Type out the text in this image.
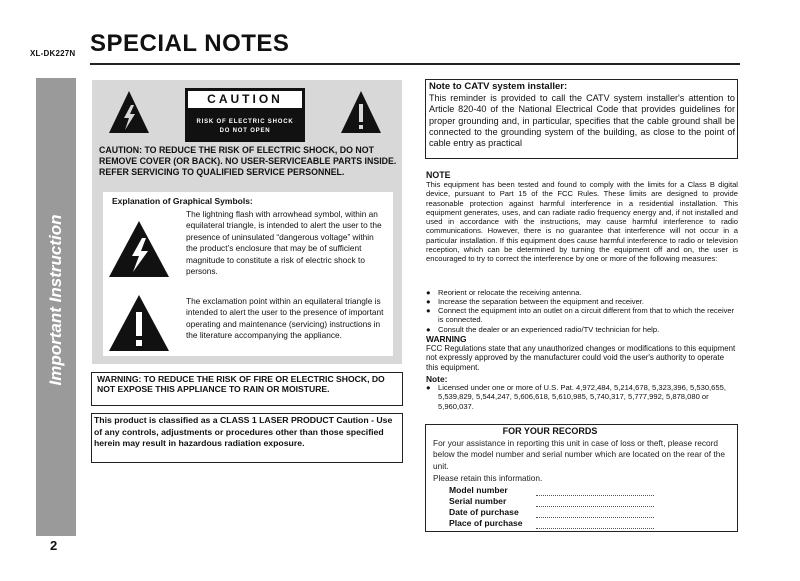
XL-DK227N SPECIAL NOTES
Important Instruction
2
CAUTION
RISK OF ELECTRIC SHOCK
DO NOT OPEN
CAUTION: TO REDUCE THE RISK OF ELECTRIC SHOCK, DO NOT REMOVE COVER (OR BACK). NO USER-SERVICEABLE PARTS INSIDE. REFER SERVICING TO QUALIFIED SERVICE PERSONNEL.
Explanation of Graphical Symbols:
The lightning flash with arrowhead symbol, within an equilateral triangle, is intended to alert the user to the presence of uninsulated “dangerous voltage” within the product’s enclosure that may be of sufficient magnitude to constitute a risk of electric shock to persons.
The exclamation point within an equilateral triangle is intended to alert the user to the presence of important operating and maintenance (servicing) instructions in the literature accompanying the appliance.
WARNING: TO REDUCE THE RISK OF FIRE OR ELECTRIC SHOCK, DO NOT EXPOSE THIS APPLIANCE TO RAIN OR MOISTURE.
This product is classified as a CLASS 1 LASER PRODUCT Caution - Use of any controls, adjustments or procedures other than those specified herein may result in hazardous radiation exposure.
Note to CATV system installer:
This reminder is provided to call the CATV system installer's attention to Article 820-40 of the National Electrical Code that provides guidelines for proper grounding and, in particular, specifies that the cable ground shall be connected to the grounding system of the building, as close to the point of cable entry as practical
NOTE
This equipment has been tested and found to comply with the limits for a Class B digital device, pursuant to Part 15 of the FCC Rules. These limits are designed to provide reasonable protection against harmful interference in a residential installation. This equipment generates, uses, and can radiate radio frequency energy and, if not installed and used in accordance with the instructions, may cause harmful interference to radio communications. However, there is no guarantee that interference will not occur in a particular installation. If this equipment does cause harmful interference to radio or television reception, which can be determined by turning the equipment off and on, the user is encouraged to try to correct the interference by one or more of the following measures:
● Reorient or relocate the receiving antenna.
● Increase the separation between the equipment and receiver.
● Connect the equipment into an outlet on a circuit different from that to which the receiver is connected.
● Consult the dealer or an experienced radio/TV technician for help.
WARNING
FCC Regulations state that any unauthorized changes or modifications to this equipment not expressly approved by the manufacturer could void the user's authority to operate this equipment.
Note:
● Licensed under one or more of U.S. Pat. 4,972,484, 5,214,678, 5,323,396, 5,530,655, 5,539,829, 5,544,247, 5,606,618, 5,610,985, 5,740,317, 5,777,992, 5,878,080 or 5,960,037.
FOR YOUR RECORDS
For your assistance in reporting this unit in case of loss or theft, please record below the model number and serial number which are located on the rear of the unit.
Please retain this information.
Model number
Serial number
Date of purchase
Place of purchase
